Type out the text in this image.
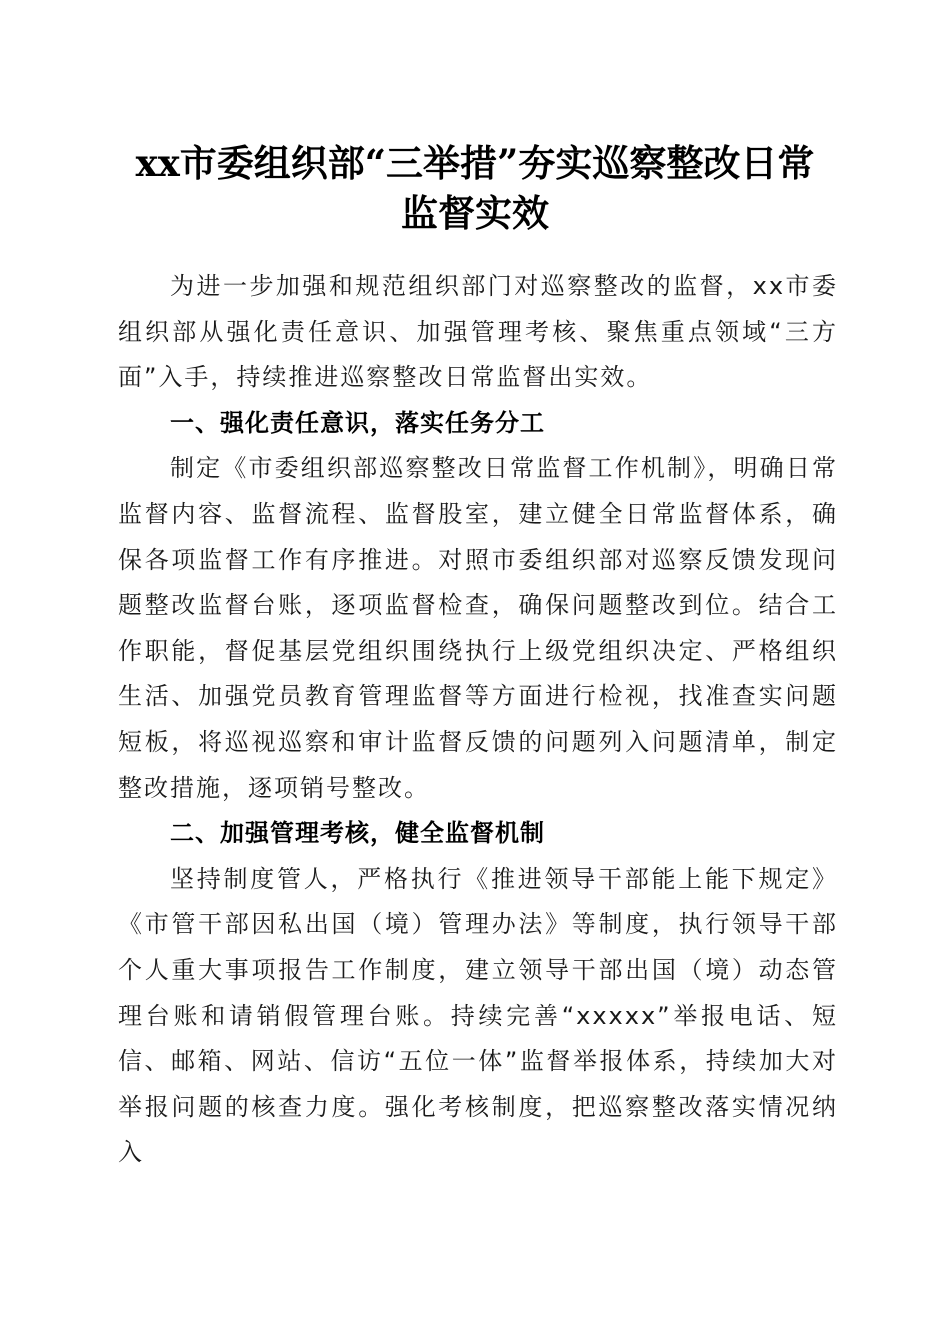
xx市委组织部“三举措”夯实巡察整改日常
监督实效

为进一步加强和规范组织部门对巡察整改的监督，xx市委组织部从强化责任意识、加强管理考核、聚焦重点领域“三方面”入手，持续推进巡察整改日常监督出实效。

一、强化责任意识，落实任务分工

制定《市委组织部巡察整改日常监督工作机制》，明确日常监督内容、监督流程、监督股室，建立健全日常监督体系，确保各项监督工作有序推进。对照市委组织部对巡察反馈发现问题整改监督台账，逐项监督检查，确保问题整改到位。结合工作职能，督促基层党组织围绕执行上级党组织决定、严格组织生活、加强党员教育管理监督等方面进行检视，找准查实问题短板，将巡视巡察和审计监督反馈的问题列入问题清单，制定整改措施，逐项销号整改。

二、加强管理考核，健全监督机制

坚持制度管人，严格执行《推进领导干部能上能下规定》《市管干部因私出国（境）管理办法》等制度，执行领导干部个人重大事项报告工作制度，建立领导干部出国（境）动态管理台账和请销假管理台账。持续完善“xxxxx”举报电话、短信、邮箱、网站、信访“五位一体”监督举报体系，持续加大对举报问题的核查力度。强化考核制度，把巡察整改落实情况纳入
